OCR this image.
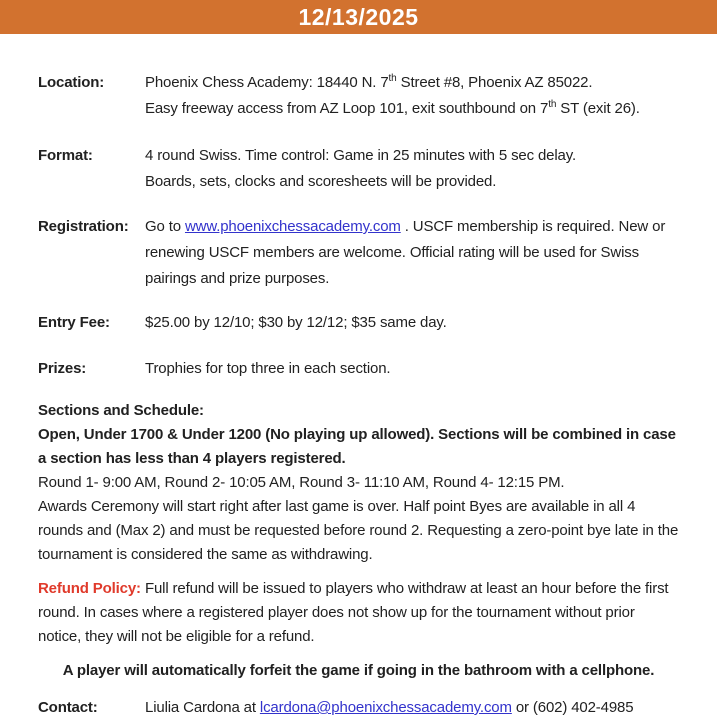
12/13/2025
Location:	Phoenix Chess Academy: 18440 N. 7th Street #8, Phoenix AZ 85022.
Easy freeway access from AZ Loop 101, exit southbound on 7th ST (exit 26).
Format:	4 round Swiss. Time control: Game in 25 minutes with 5 sec delay.
Boards, sets, clocks and scoresheets will be provided.
Registration:	Go to www.phoenixchessacademy.com . USCF membership is required. New or renewing USCF members are welcome. Official rating will be used for Swiss pairings and prize purposes.
Entry Fee:	$25.00 by 12/10; $30 by 12/12; $35 same day.
Prizes:	Trophies for top three in each section.
Sections and Schedule:
Open, Under 1700 & Under 1200 (No playing up allowed). Sections will be combined in case a section has less than 4 players registered.
Round 1- 9:00 AM, Round 2- 10:05 AM, Round 3- 11:10 AM, Round 4- 12:15 PM.
Awards Ceremony will start right after last game is over. Half point Byes are available in all 4 rounds and (Max 2) and must be requested before round 2. Requesting a zero-point bye late in the tournament is considered the same as withdrawing.
Refund Policy: Full refund will be issued to players who withdraw at least an hour before the first round. In cases where a registered player does not show up for the tournament without prior notice, they will not be eligible for a refund.
A player will automatically forfeit the game if going in the bathroom with a cellphone.
Contact:	Liulia Cardona at lcardona@phoenixchessacademy.com or (602) 402-4985
